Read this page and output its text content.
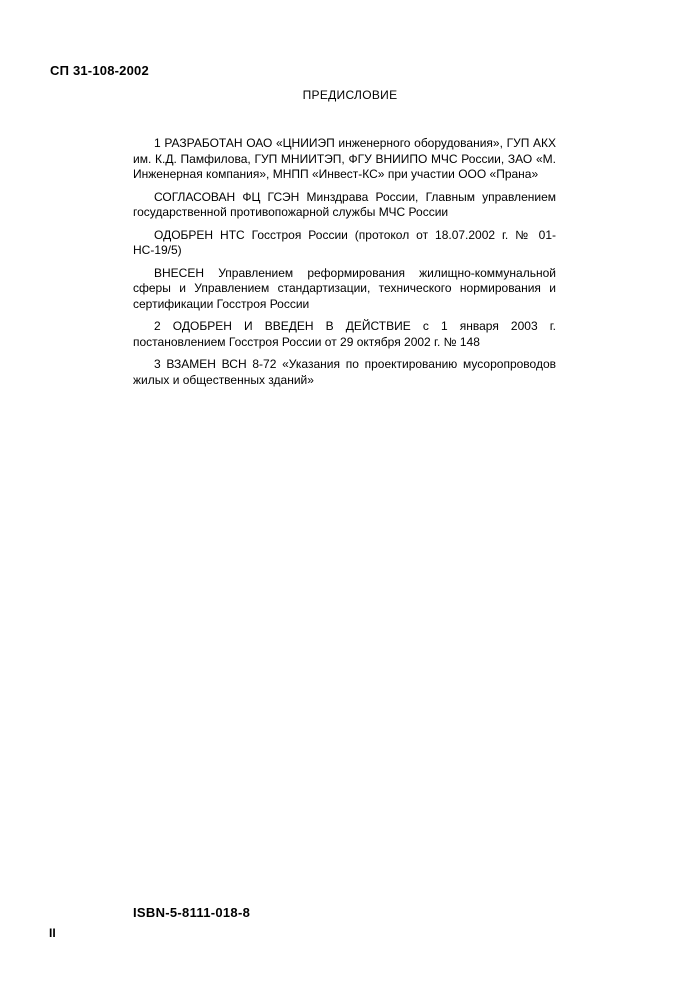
СП 31-108-2002
ПРЕДИСЛОВИЕ

1 РАЗРАБОТАН ОАО «ЦНИИЭП инженерного оборудования», ГУП АКХ им. К.Д. Памфилова, ГУП МНИИТЭП, ФГУ ВНИИПО МЧС России, ЗАО «М. Инженерная компания», МНПП «Инвест-КС» при участии ООО «Прана»

СОГЛАСОВАН ФЦ ГСЭН Минздрава России, Главным управлением государственной противопожарной службы МЧС России

ОДОБРЕН НТС Госстроя России (протокол от 18.07.2002 г. № 01-НС-19/5)

ВНЕСЕН Управлением реформирования жилищно-коммунальной сферы и Управлением стандартизации, технического нормирования и сертификации Госстроя России

2 ОДОБРЕН И ВВЕДЕН В ДЕЙСТВИЕ с 1 января 2003 г. постановлением Госстроя России от 29 октября 2002 г. № 148

3 ВЗАМЕН ВСН 8-72 «Указания по проектированию мусоропроводов жилых и общественных зданий»

ISBN-5-8111-018-8
II
